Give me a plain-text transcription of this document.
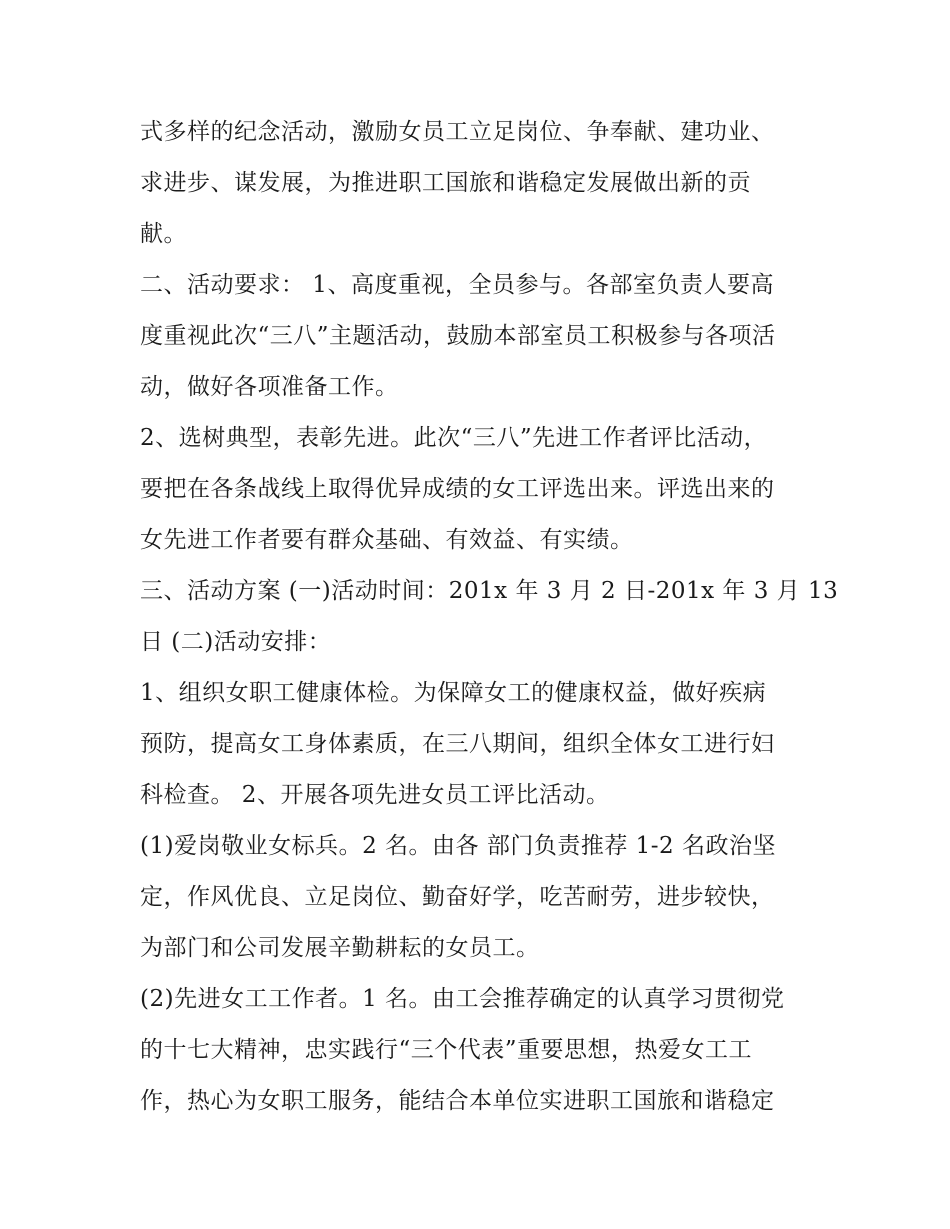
式多样的纪念活动，激励女员工立足岗位、争奉献、建功业、
求进步、谋发展，为推进职工国旅和谐稳定发展做出新的贡
献。
二、活动要求： 1、高度重视，全员参与。各部室负责人要高
度重视此次“三八”主题活动，鼓励本部室员工积极参与各项活
动，做好各项准备工作。
2、选树典型，表彰先进。此次“三八”先进工作者评比活动，
要把在各条战线上取得优异成绩的女工评选出来。评选出来的
女先进工作者要有群众基础、有效益、有实绩。
三、活动方案 (一)活动时间：201x 年 3 月 2 日-201x 年 3 月 13
日 (二)活动安排：
1、组织女职工健康体检。为保障女工的健康权益，做好疾病
预防，提高女工身体素质，在三八期间，组织全体女工进行妇
科检查。 2、开展各项先进女员工评比活动。
(1)爱岗敬业女标兵。2 名。由各 部门负责推荐 1-2 名政治坚
定，作风优良、立足岗位、勤奋好学，吃苦耐劳，进步较快，
为部门和公司发展辛勤耕耘的女员工。
(2)先进女工工作者。1 名。由工会推荐确定的认真学习贯彻党
的十七大精神，忠实践行“三个代表”重要思想，热爱女工工
作，热心为女职工服务，能结合本单位实进职工国旅和谐稳定
